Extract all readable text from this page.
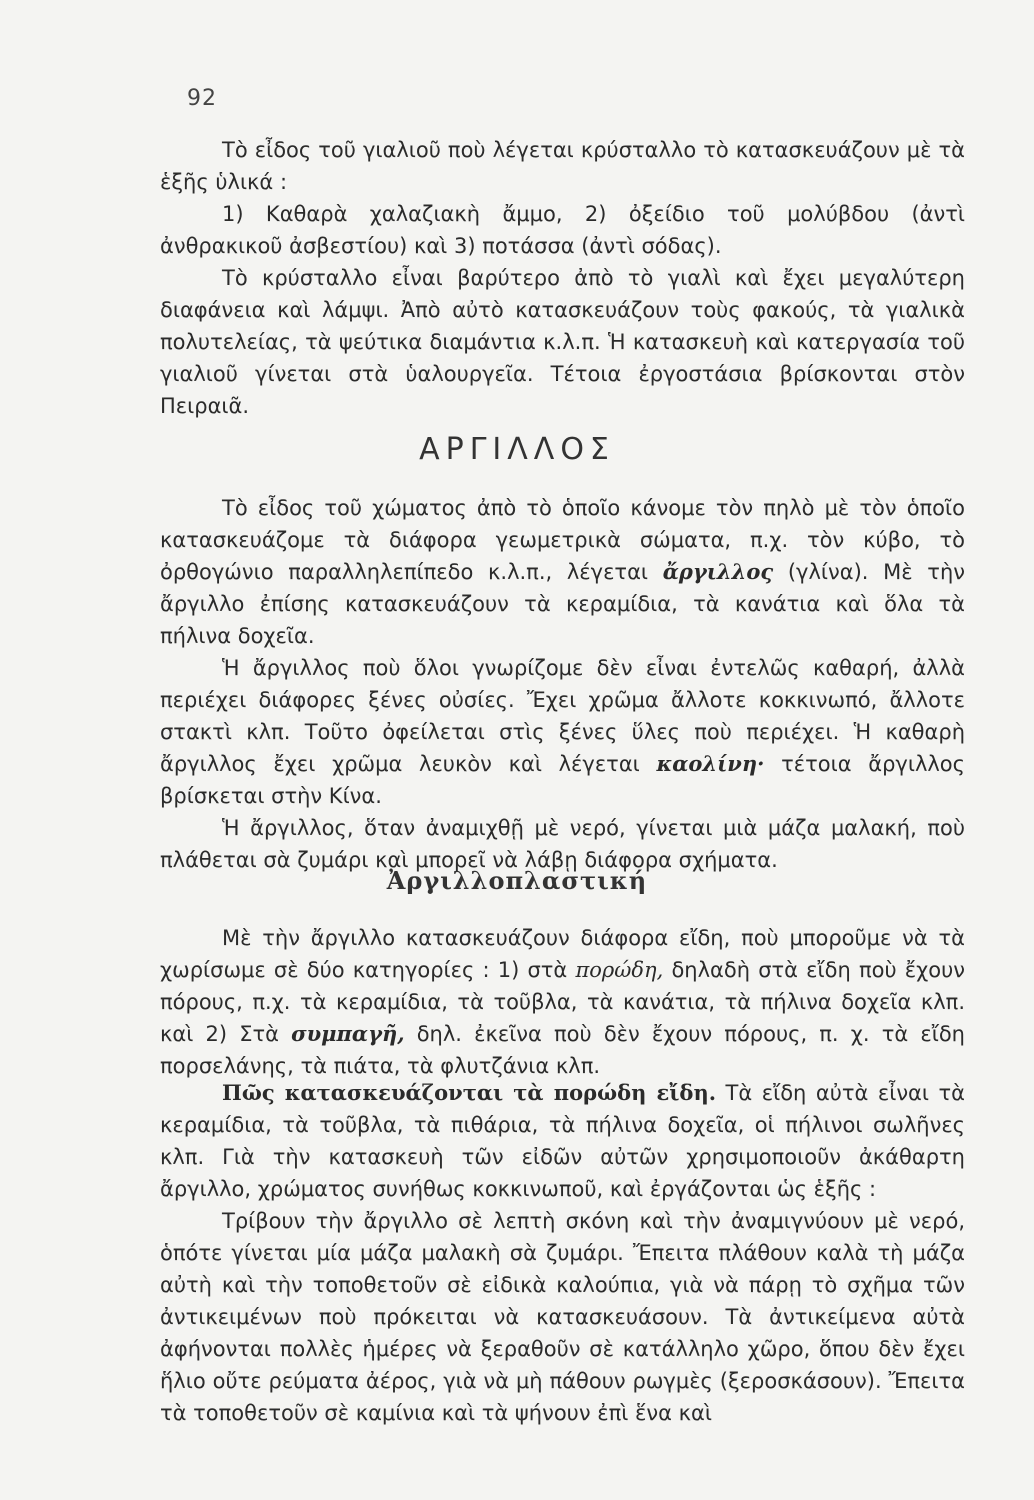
92

Τὸ εἶδος τοῦ γιαλιοῦ ποὺ λέγεται κρύσταλλο τὸ κατασκευάζουν μὲ τὰ ἑξῆς ὑλικά :

1) Καθαρὰ χαλαζιακὴ ἄμμο, 2) ὀξείδιο τοῦ μολύβδου (ἀντὶ ἀνθρακικοῦ ἀσβεστίου) καὶ 3) ποτάσσα (ἀντὶ σόδας).

Τὸ κρύσταλλο εἶναι βαρύτερο ἀπὸ τὸ γιαλὶ καὶ ἔχει μεγαλύτερη διαφάνεια καὶ λάμψι. Ἀπὸ αὐτὸ κατασκευάζουν τοὺς φακούς, τὰ γιαλικὰ πολυτελείας, τὰ ψεύτικα διαμάντια κ.λ.π. Ἡ κατασκευὴ καὶ κατεργασία τοῦ γιαλιοῦ γίνεται στὰ ὑαλουργεῖα. Τέτοια ἐργοστάσια βρίσκονται στὸν Πειραιᾶ.

ΑΡΓΙΛΛΟΣ

Τὸ εἶδος τοῦ χώματος ἀπὸ τὸ ὁποῖο κάνομε τὸν πηλὸ μὲ τὸν ὁποῖο κατασκευάζομε τὰ διάφορα γεωμετρικὰ σώματα, π.χ. τὸν κύβο, τὸ ὀρθογώνιο παραλληλεπίπεδο κ.λ.π., λέγεται ἄργιλλος (γλίνα). Μὲ τὴν ἄργιλλο ἐπίσης κατασκευάζουν τὰ κεραμίδια, τὰ κανάτια καὶ ὅλα τὰ πήλινα δοχεῖα.

Ἡ ἄργιλλος ποὺ ὅλοι γνωρίζομε δὲν εἶναι ἐντελῶς καθαρή, ἀλλὰ περιέχει διάφορες ξένες οὐσίες. Ἔχει χρῶμα ἄλλοτε κοκκινωπό, ἄλλοτε στακτὶ κλπ. Τοῦτο ὀφείλεται στὶς ξένες ὕλες ποὺ περιέχει. Ἡ καθαρὴ ἄργιλλος ἔχει χρῶμα λευκὸν καὶ λέγεται καολίνη· τέτοια ἄργιλλος βρίσκεται στὴν Κίνα.

Ἡ ἄργιλλος, ὅταν ἀναμιχθῇ μὲ νερό, γίνεται μιὰ μάζα μαλακή, ποὺ πλάθεται σὰ ζυμάρι καὶ μπορεῖ νὰ λάβῃ διάφορα σχήματα.

Ἀργιλλοπλαστική

Μὲ τὴν ἄργιλλο κατασκευάζουν διάφορα εἴδη, ποὺ μποροῦμε νὰ τὰ χωρίσωμε σὲ δύο κατηγορίες : 1) στὰ πορώδη, δηλαδὴ στὰ εἴδη ποὺ ἔχουν πόρους, π.χ. τὰ κεραμίδια, τὰ τοῦβλα, τὰ κανάτια, τὰ πήλινα δοχεῖα κλπ. καὶ 2) Στὰ συμπαγῆ, δηλ. ἐκεῖνα ποὺ δὲν ἔχουν πόρους, π. χ. τὰ εἴδη πορσελάνης, τὰ πιάτα, τὰ φλυτζάνια κλπ.

Πῶς κατασκευάζονται τὰ πορώδη εἴδη. Τὰ εἴδη αὐτὰ εἶναι τὰ κεραμίδια, τὰ τοῦβλα, τὰ πιθάρια, τὰ πήλινα δοχεῖα, οἱ πήλινοι σωλῆνες κλπ. Γιὰ τὴν κατασκευὴ τῶν εἰδῶν αὐτῶν χρησιμοποιοῦν ἀκάθαρτη ἄργιλλο, χρώματος συνήθως κοκκινωποῦ, καὶ ἐργάζονται ὡς ἑξῆς :

Τρίβουν τὴν ἄργιλλο σὲ λεπτὴ σκόνη καὶ τὴν ἀναμιγνύουν μὲ νερό, ὁπότε γίνεται μία μάζα μαλακὴ σὰ ζυμάρι. Ἔπειτα πλάθουν καλὰ τὴ μάζα αὐτὴ καὶ τὴν τοποθετοῦν σὲ εἰδικὰ καλούπια, γιὰ νὰ πάρῃ τὸ σχῆμα τῶν ἀντικειμένων ποὺ πρόκειται νὰ κατασκευάσουν. Τὰ ἀντικείμενα αὐτὰ ἀφήνονται πολλὲς ἡμέρες νὰ ξεραθοῦν σὲ κατάλληλο χῶρο, ὅπου δὲν ἔχει ἥλιο οὔτε ρεύματα ἀέρος, γιὰ νὰ μὴ πάθουν ρωγμὲς (ξεροσκάσουν). Ἔπειτα τὰ τοποθετοῦν σὲ καμίνια καὶ τὰ ψήνουν ἐπὶ ἕνα καὶ
